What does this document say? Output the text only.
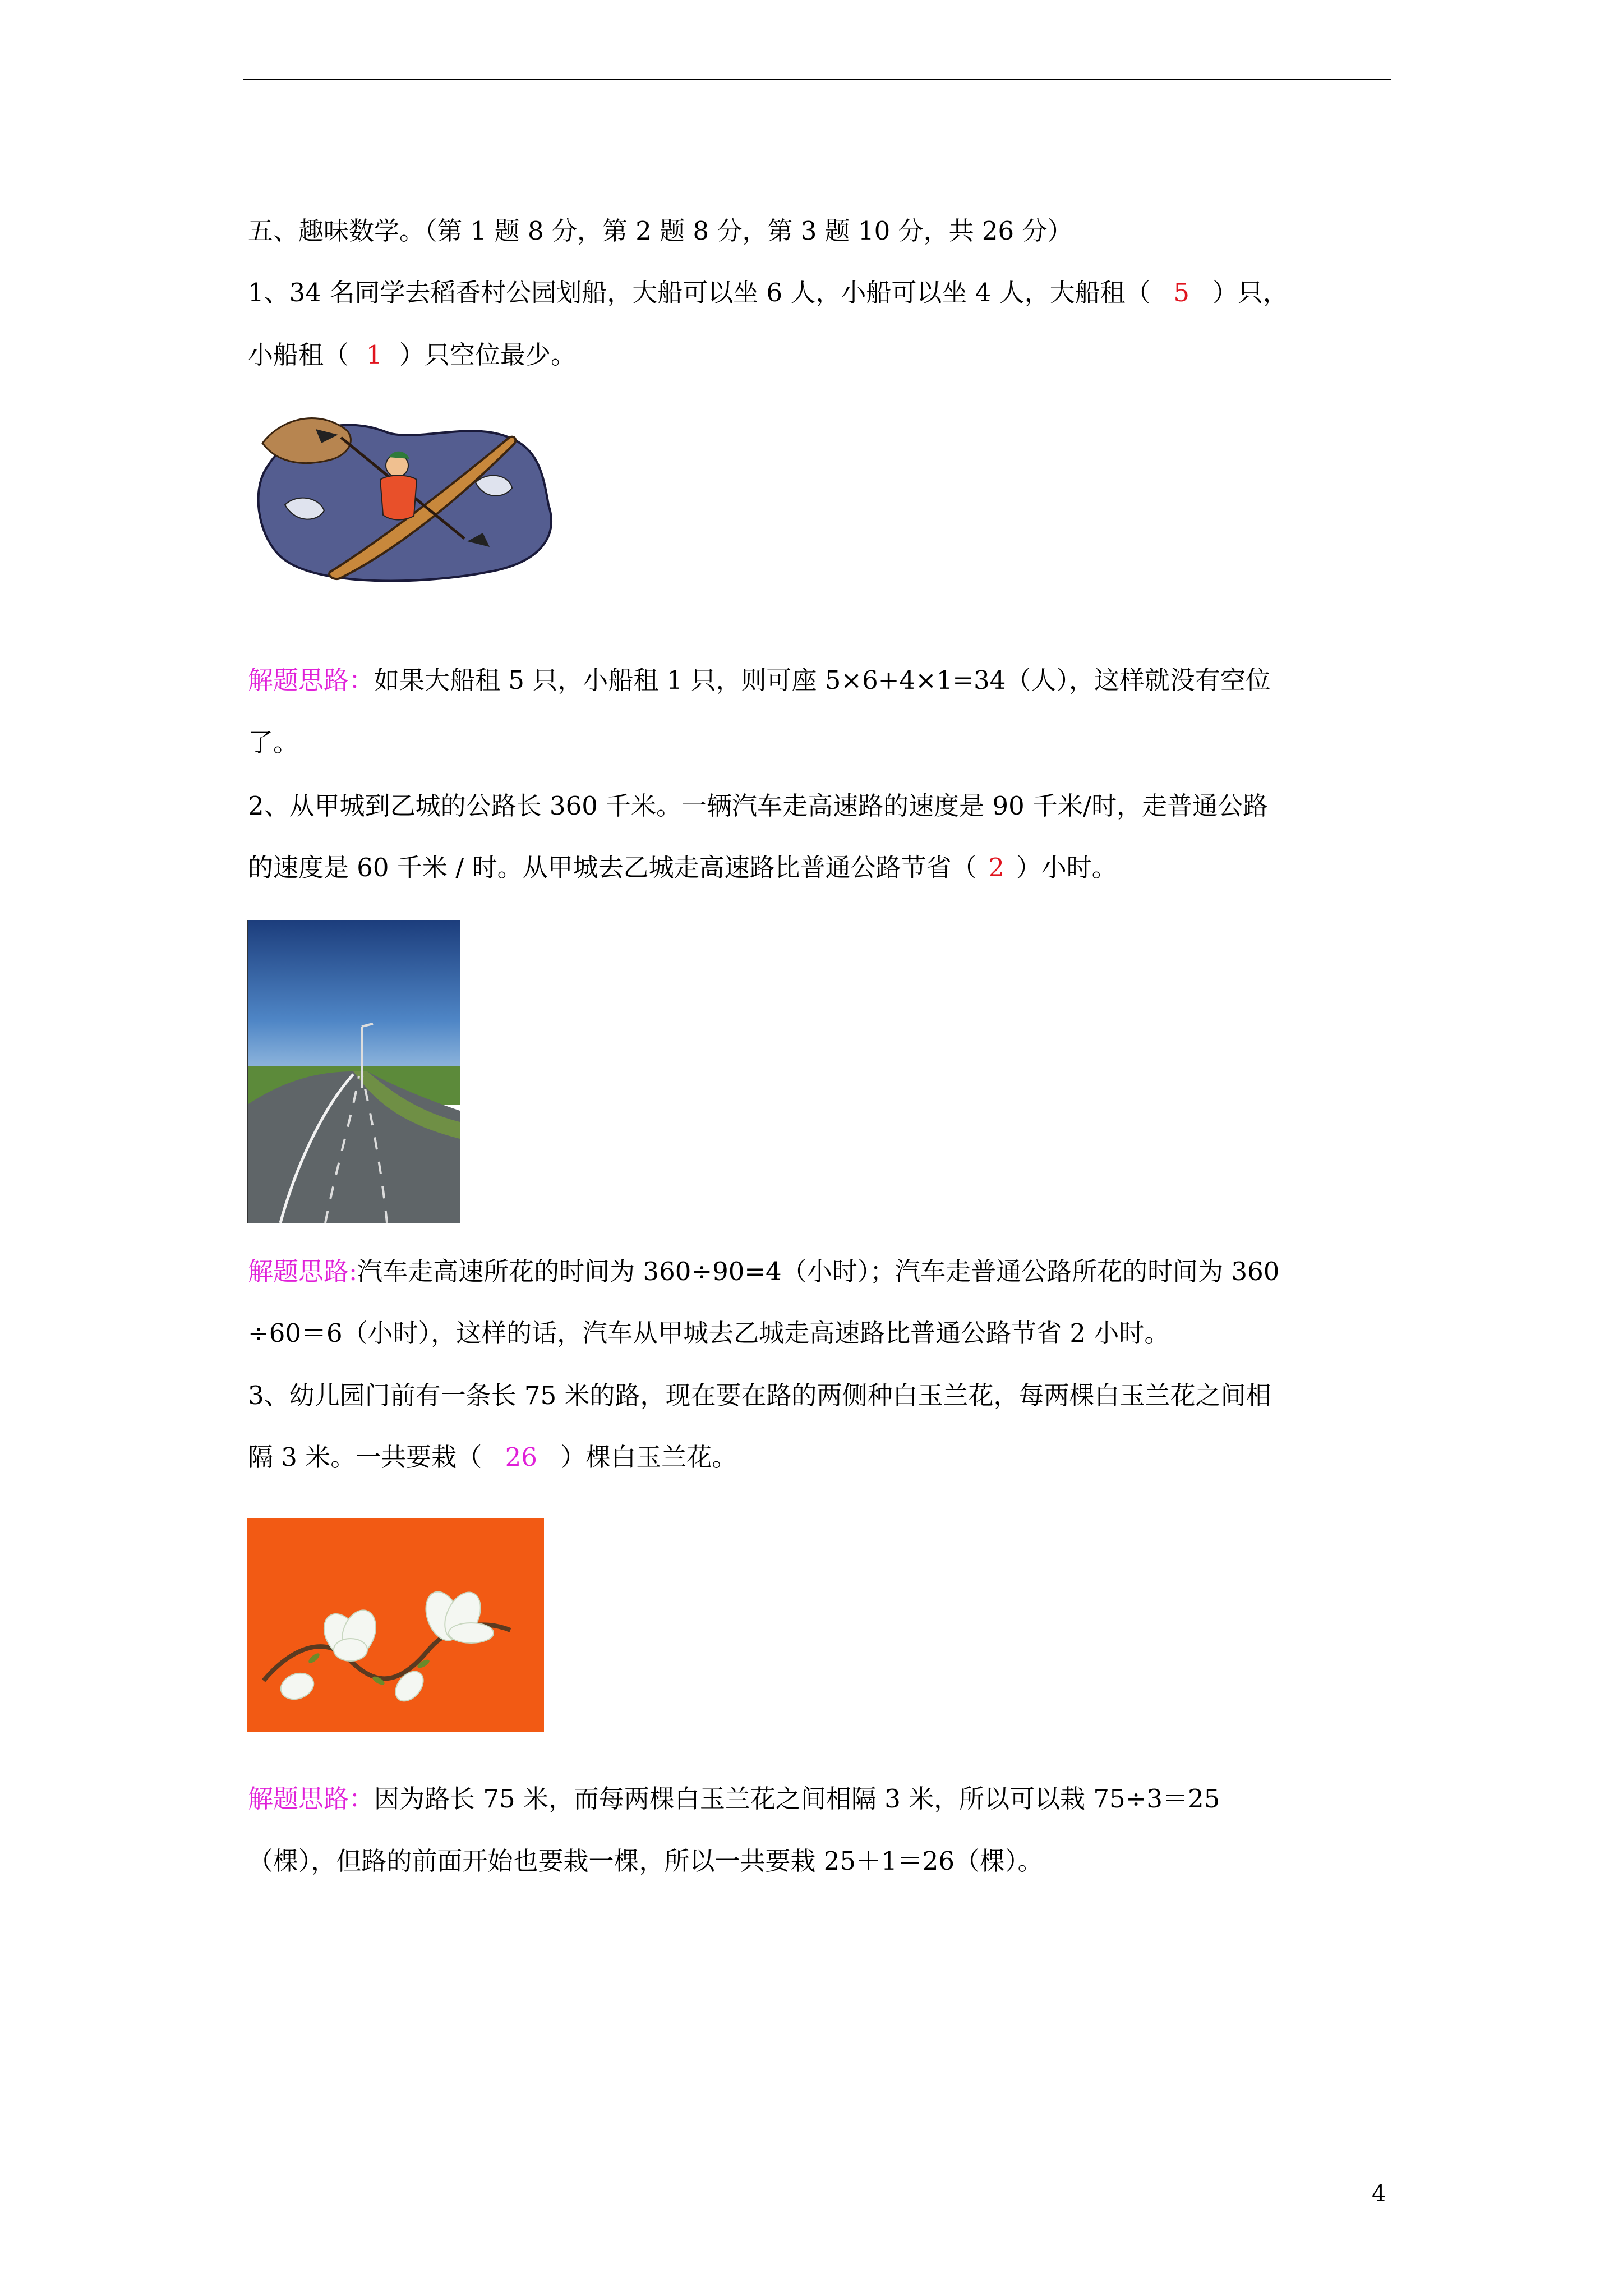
五、趣味数学。（第 1 题 8 分，第 2 题 8 分，第 3 题 10 分，共 26 分）
1、34 名同学去稻香村公园划船，大船可以坐 6 人，小船可以坐 4 人，大船租（ 5 ）只，
小船租（ 1 ）只空位最少。
解题思路：如果大船租 5 只，小船租 1 只，则可座 5×6+4×1=34（人），这样就没有空位
了。
2、从甲城到乙城的公路长 360 千米。一辆汽车走高速路的速度是 90 千米/时，走普通公路
的速度是 60 千米 / 时。从甲城去乙城走高速路比普通公路节省（ 2 ）小时。
解题思路:汽车走高速所花的时间为 360÷90=4（小时）；汽车走普通公路所花的时间为 360
÷60＝6（小时），这样的话，汽车从甲城去乙城走高速路比普通公路节省 2 小时。
3、幼儿园门前有一条长 75 米的路，现在要在路的两侧种白玉兰花，每两棵白玉兰花之间相
隔 3 米。一共要栽（ 26 ）棵白玉兰花。
解题思路：因为路长 75 米，而每两棵白玉兰花之间相隔 3 米，所以可以栽 75÷3＝25
（棵），但路的前面开始也要栽一棵，所以一共要栽 25＋1＝26（棵）。
4
